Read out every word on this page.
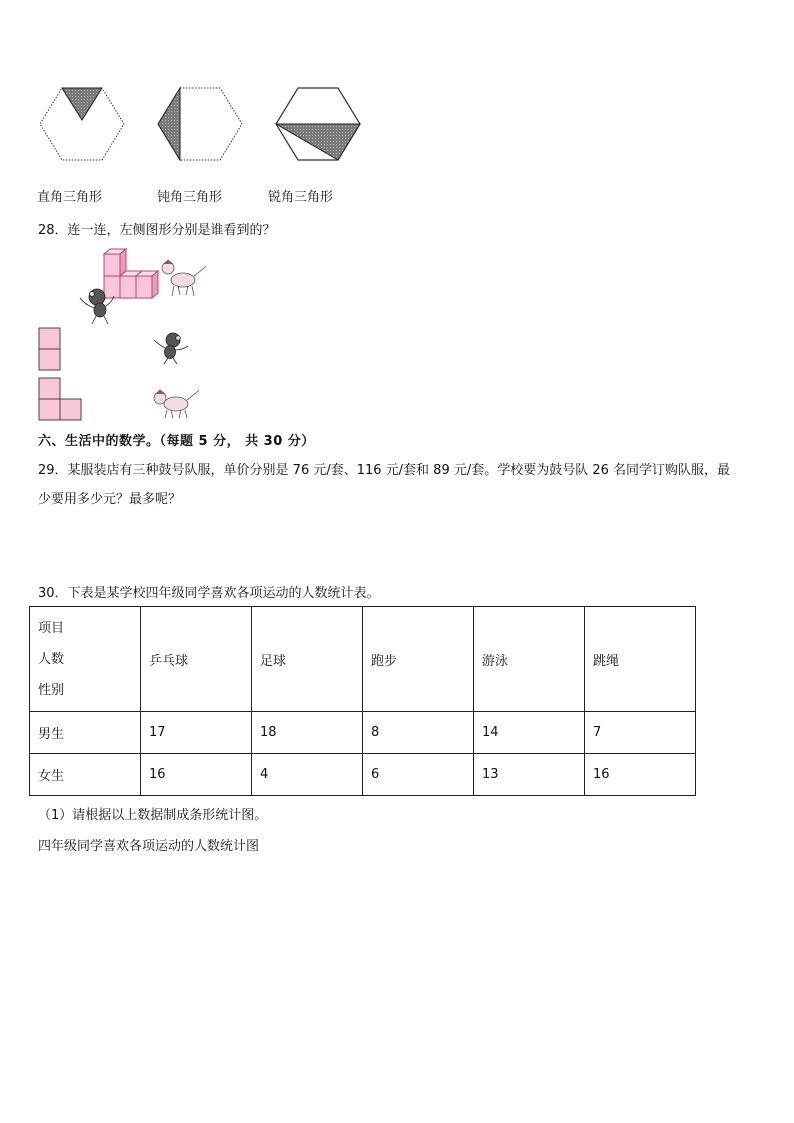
直角三角形	钝角三角形	锐角三角形
28．连一连，左侧图形分别是谁看到的？
六、生活中的数学。（每题 5 分， 共 30 分）
29．某服装店有三种鼓号队服，单价分别是 76 元/套、116 元/套和 89 元/套。学校要为鼓号队 26 名同学订购队服，最
少要用多少元？最多呢？
30．下表是某学校四年级同学喜欢各项运动的人数统计表。
项目
人数
性别	乒乓球	足球	跑步	游泳	跳绳
男生	17	18	8	14	7
女生	16	4	6	13	16
（1）请根据以上数据制成条形统计图。
四年级同学喜欢各项运动的人数统计图
